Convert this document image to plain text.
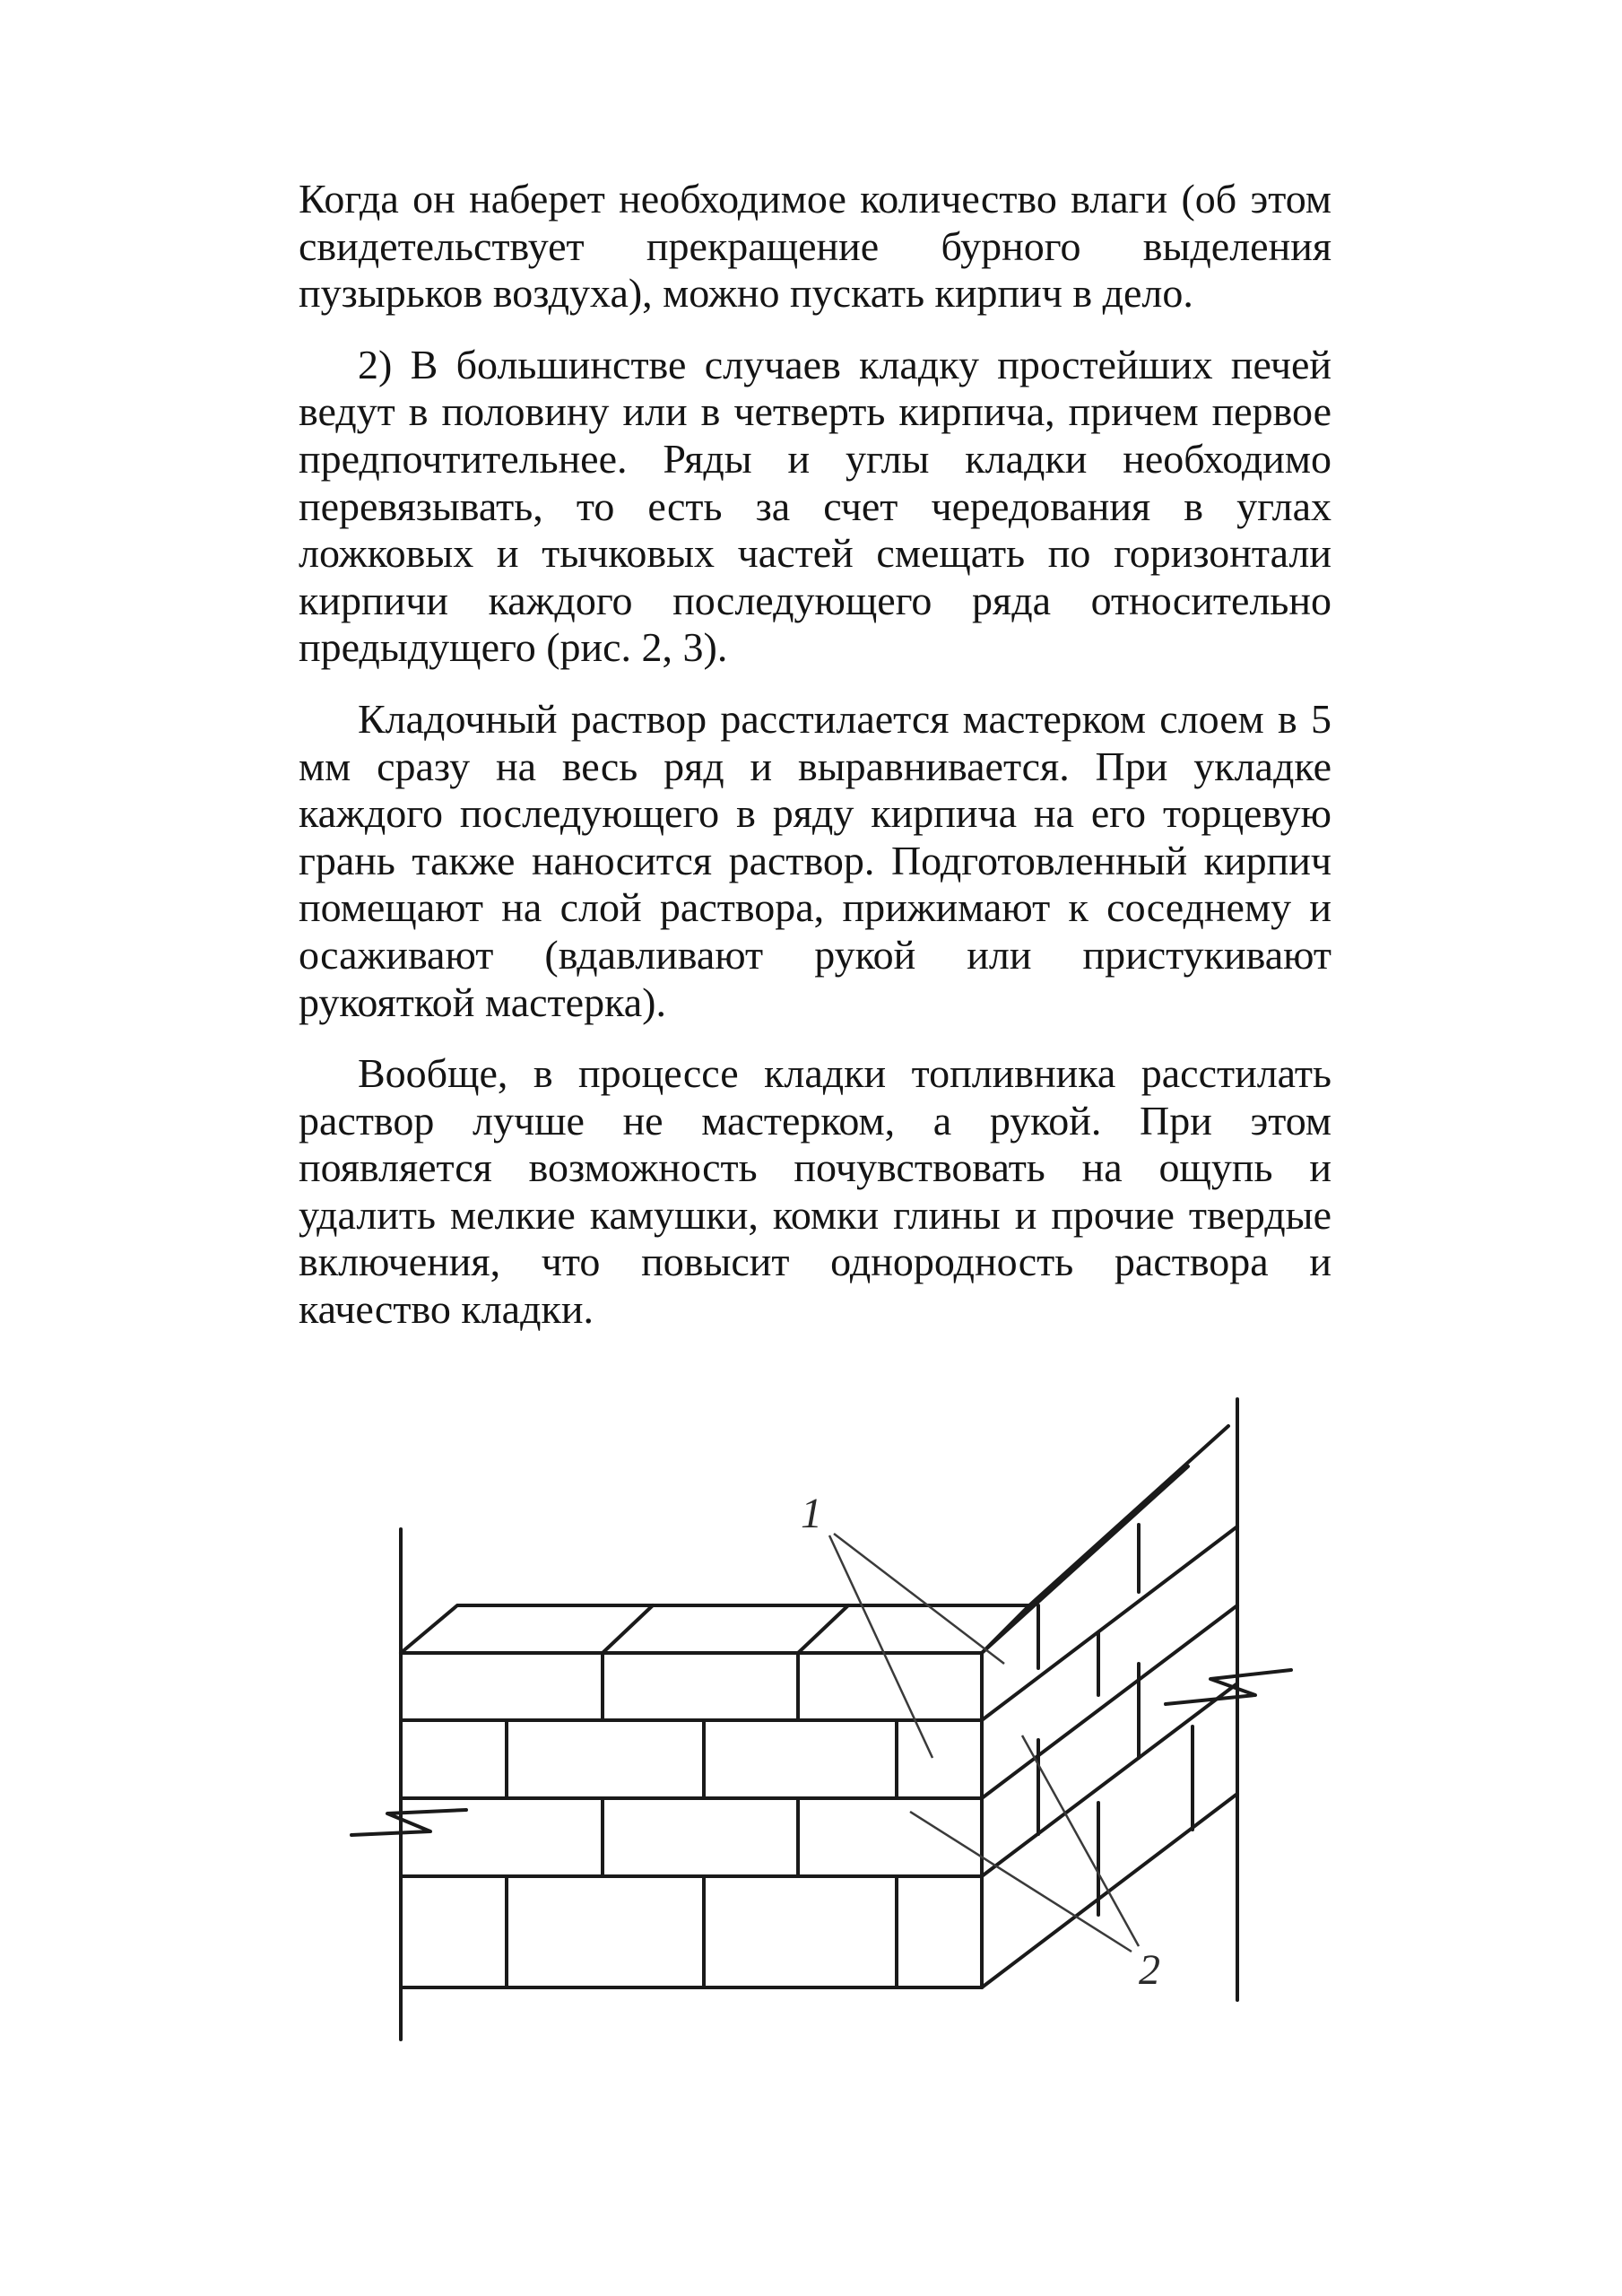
Когда он наберет необходимое количество влаги (об этом свидетельствует прекращение бурного выделения пузырьков воздуха), можно пускать кирпич в дело.

2) В большинстве случаев кладку простейших печей ведут в половину или в четверть кирпича, причем первое предпочтительнее. Ряды и углы кладки необходимо перевязывать, то есть за счет чередования в углах ложковых и тычковых частей смещать по горизонтали кирпичи каждого последующего ряда относительно предыдущего (рис. 2, 3).

Кладочный раствор расстилается мастерком слоем в 5 мм сразу на весь ряд и выравнивается. При укладке каждого последующего в ряду кирпича на его торцевую грань также наносится раствор. Подготовленный кирпич помещают на слой раствора, прижимают к соседнему и осаживают (вдавливают рукой или пристукивают рукояткой мастерка).

Вообще, в процессе кладки топливника расстилать раствор лучше не мастерком, а рукой. При этом появляется возможность почувствовать на ощупь и удалить мелкие камушки, комки глины и прочие твердые включения, что повысит однородность раствора и качество кладки.

1
2
